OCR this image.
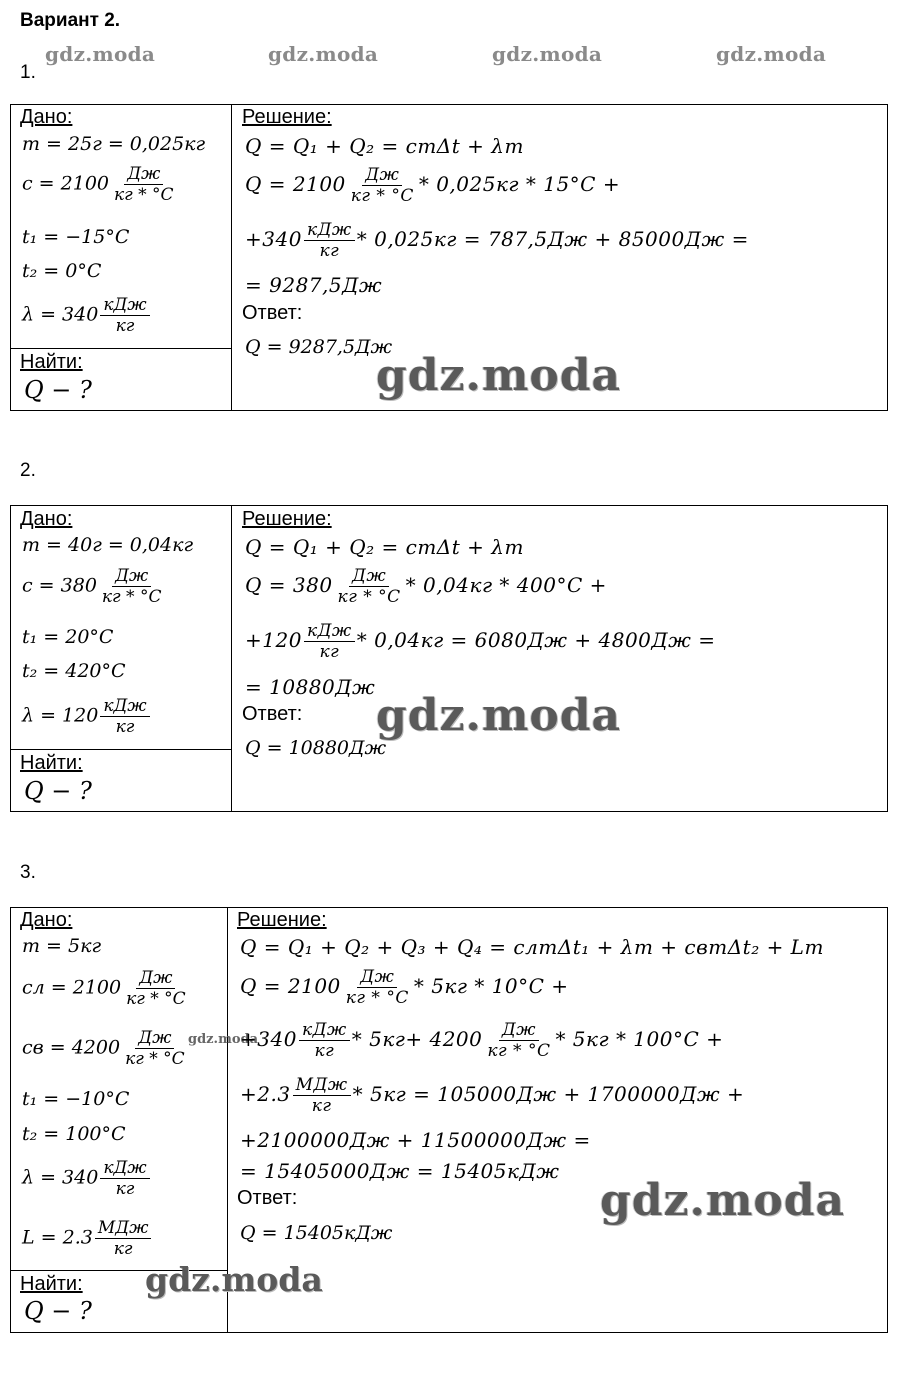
Вариант 2.
gdz.moda	gdz.moda	gdz.moda	gdz.moda
1.
Дано:
m = 25г = 0,025кг
$c = 2100 \frac{Дж}{кг * ^\circ С}$
t₁ = −15°С
t₂ = 0°С
$\lambda = 340 \frac{\text{кДж}}{кг}$
Найти:
Q − ?
Решение:
Q = Q₁ + Q₂ = cmΔt + λm
$Q = 2100 \frac{Дж}{кг * ^\circ С} * 0,025кг * 15^\circ С$ +
$+340 \frac{\text{кДж}}{кг} * 0,025кг = 787,5Дж + 85000Дж$ =
= 9287,5Дж
Ответ:
Q = 9287,5Дж
gdz.moda
2.
Дано:
m = 40г = 0,04кг
$c = 380 \frac{Дж}{кг * ^\circ С}$
t₁ = 20°С
t₂ = 420°С
$\lambda = 120 \frac{\text{кДж}}{кг}$
Найти:
Q − ?
Решение:
Q = Q₁ + Q₂ = cmΔt + λm
$Q = 380 \frac{Дж}{кг * ^\circ С} * 0,04кг * 400^\circ С$ +
$+120 \frac{\text{кДж}}{кг} * 0,04кг = 6080Дж + 4800Дж$ =
= 10880Дж
Ответ:
Q = 10880Дж
gdz.moda
3.
Дано:
m = 5кг
cл = $2100 \frac{Дж}{кг * ^\circ С}$
cв = $4200 \frac{Дж}{кг * ^\circ С}$
t₁ = −10°С
t₂ = 100°С
$\lambda = 340 \frac{\text{кДж}}{кг}$
$L = 2.3 \frac{\text{МДж}}{кг}$
Найти:
Q − ?
gdz.moda
gdz.moda
Решение:
Q = Q₁ + Q₂ + Q₃ + Q₄ = cлmΔt₁ + λm + cвmΔt₂ + Lm
$Q = 2100 \frac{Дж}{кг * ^\circ С} * 5кг * 10^\circ С$ +
$+340 \frac{\text{кДж}}{кг} * 5кг+ 4200 \frac{Дж}{кг * ^\circ С} * 5кг * 100^\circ С$ +
$+2.3 \frac{\text{МДж}}{кг} * 5кг = 105000Дж + 1700000Дж$ +
+2100000Дж + 11500000Дж =
= 15405000Дж = 15405кДж
Ответ:
Q = 15405кДж
gdz.moda
